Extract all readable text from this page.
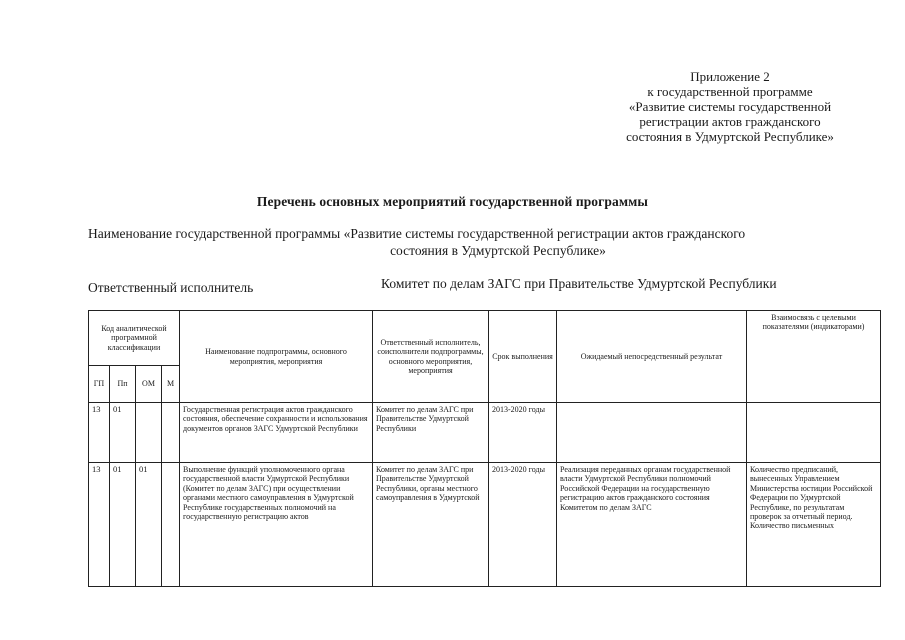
Приложение 2
к государственной программе
«Развитие системы государственной
регистрации актов гражданского
состояния в Удмуртской Республике»
Перечень основных мероприятий государственной программы
Наименование государственной программы «Развитие системы государственной регистрации актов гражданского
состояния в Удмуртской Республике»
Ответственный исполнитель	Комитет по делам ЗАГС при Правительстве Удмуртской Республики
Код аналитической программной классификации				Наименование подпрограммы, основного мероприятия, мероприятия	Ответственный исполнитель, соисполнители подпрограммы, основного мероприятия, мероприятия	Срок выполнения	Ожидаемый непосредственный результат	Взаимосвязь с целевыми показателями (индикаторами)
ГП	Пп	ОМ	М					
13	01			Государственная регистрация актов гражданского состояния, обеспечение сохранности и использования документов органов ЗАГС Удмуртской Республики	Комитет по делам ЗАГС при Правительстве Удмуртской Республики	2013-2020 годы		
13	01	01		Выполнение функций уполномоченного органа государственной власти Удмуртской Республики (Комитет по делам ЗАГС) при осуществлении органами местного самоуправления в Удмуртской Республике государственных полномочий на государственную регистрацию актов	Комитет по делам ЗАГС при Правительстве Удмуртской Республики, органы местного самоуправления в Удмуртской	2013-2020 годы	Реализация переданных органам государственной власти Удмуртской Республики полномочий Российской Федерации на государственную регистрацию актов гражданского состояния Комитетом по делам ЗАГС	Количество предписаний, вынесенных Управлением Министерства юстиции Российской Федерации по Удмуртской Республике, по результатам проверок за отчетный период. Количество письменных
